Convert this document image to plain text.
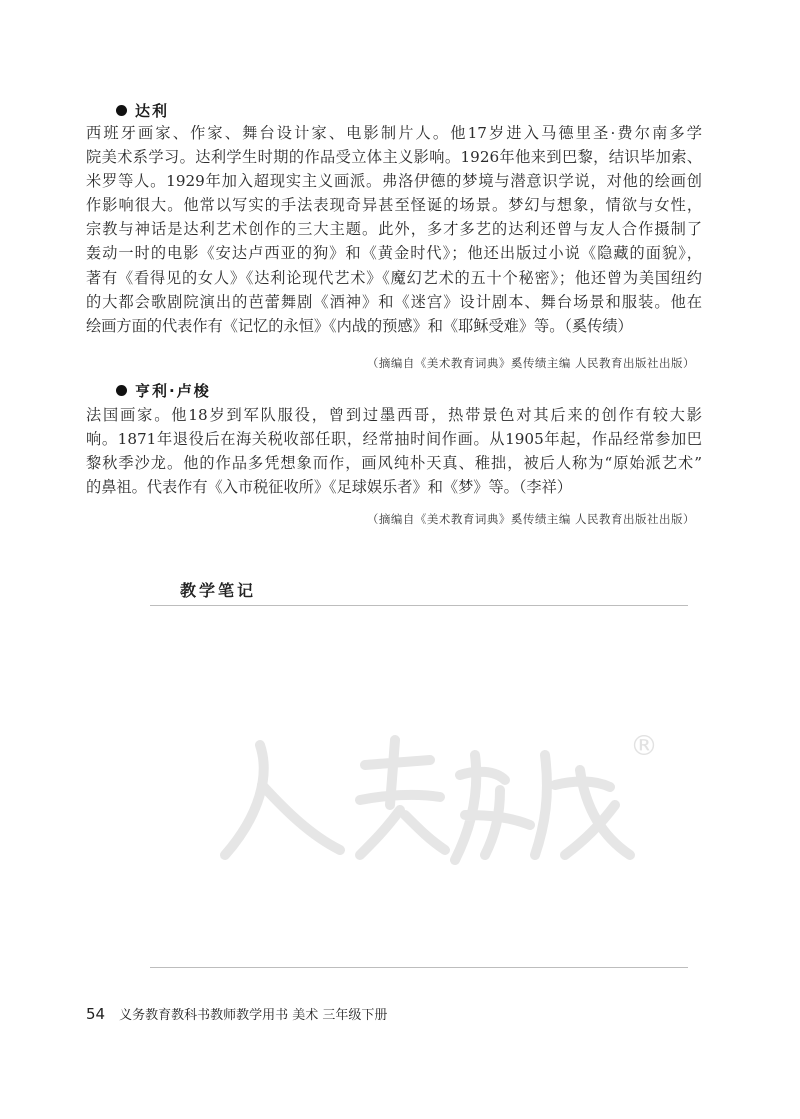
达利
西班牙画家、作家、舞台设计家、电影制片人。他17岁进入马德里圣·费尔南多学
院美术系学习。达利学生时期的作品受立体主义影响。1926年他来到巴黎，结识毕加索、
米罗等人。1929年加入超现实主义画派。弗洛伊德的梦境与潜意识学说，对他的绘画创
作影响很大。他常以写实的手法表现奇异甚至怪诞的场景。梦幻与想象，情欲与女性，
宗教与神话是达利艺术创作的三大主题。此外，多才多艺的达利还曾与友人合作摄制了
轰动一时的电影《安达卢西亚的狗》和《黄金时代》；他还出版过小说《隐藏的面貌》，
著有《看得见的女人》《达利论现代艺术》《魔幻艺术的五十个秘密》；他还曾为美国纽约
的大都会歌剧院演出的芭蕾舞剧《酒神》和《迷宫》设计剧本、舞台场景和服装。他在
绘画方面的代表作有《记忆的永恒》《内战的预感》和《耶稣受难》等。（奚传绩）
（摘编自《美术教育词典》奚传绩主编 人民教育出版社出版）
亨利·卢梭
法国画家。他18岁到军队服役，曾到过墨西哥，热带景色对其后来的创作有较大影
响。1871年退役后在海关税收部任职，经常抽时间作画。从1905年起，作品经常参加巴
黎秋季沙龙。他的作品多凭想象而作，画风纯朴天真、稚拙，被后人称为“原始派艺术”
的鼻祖。代表作有《入市税征收所》《足球娱乐者》和《梦》等。（李祥）
（摘编自《美术教育词典》奚传绩主编 人民教育出版社出版）
教学笔记
®
54 义务教育教科书教师教学用书 美术 三年级下册
